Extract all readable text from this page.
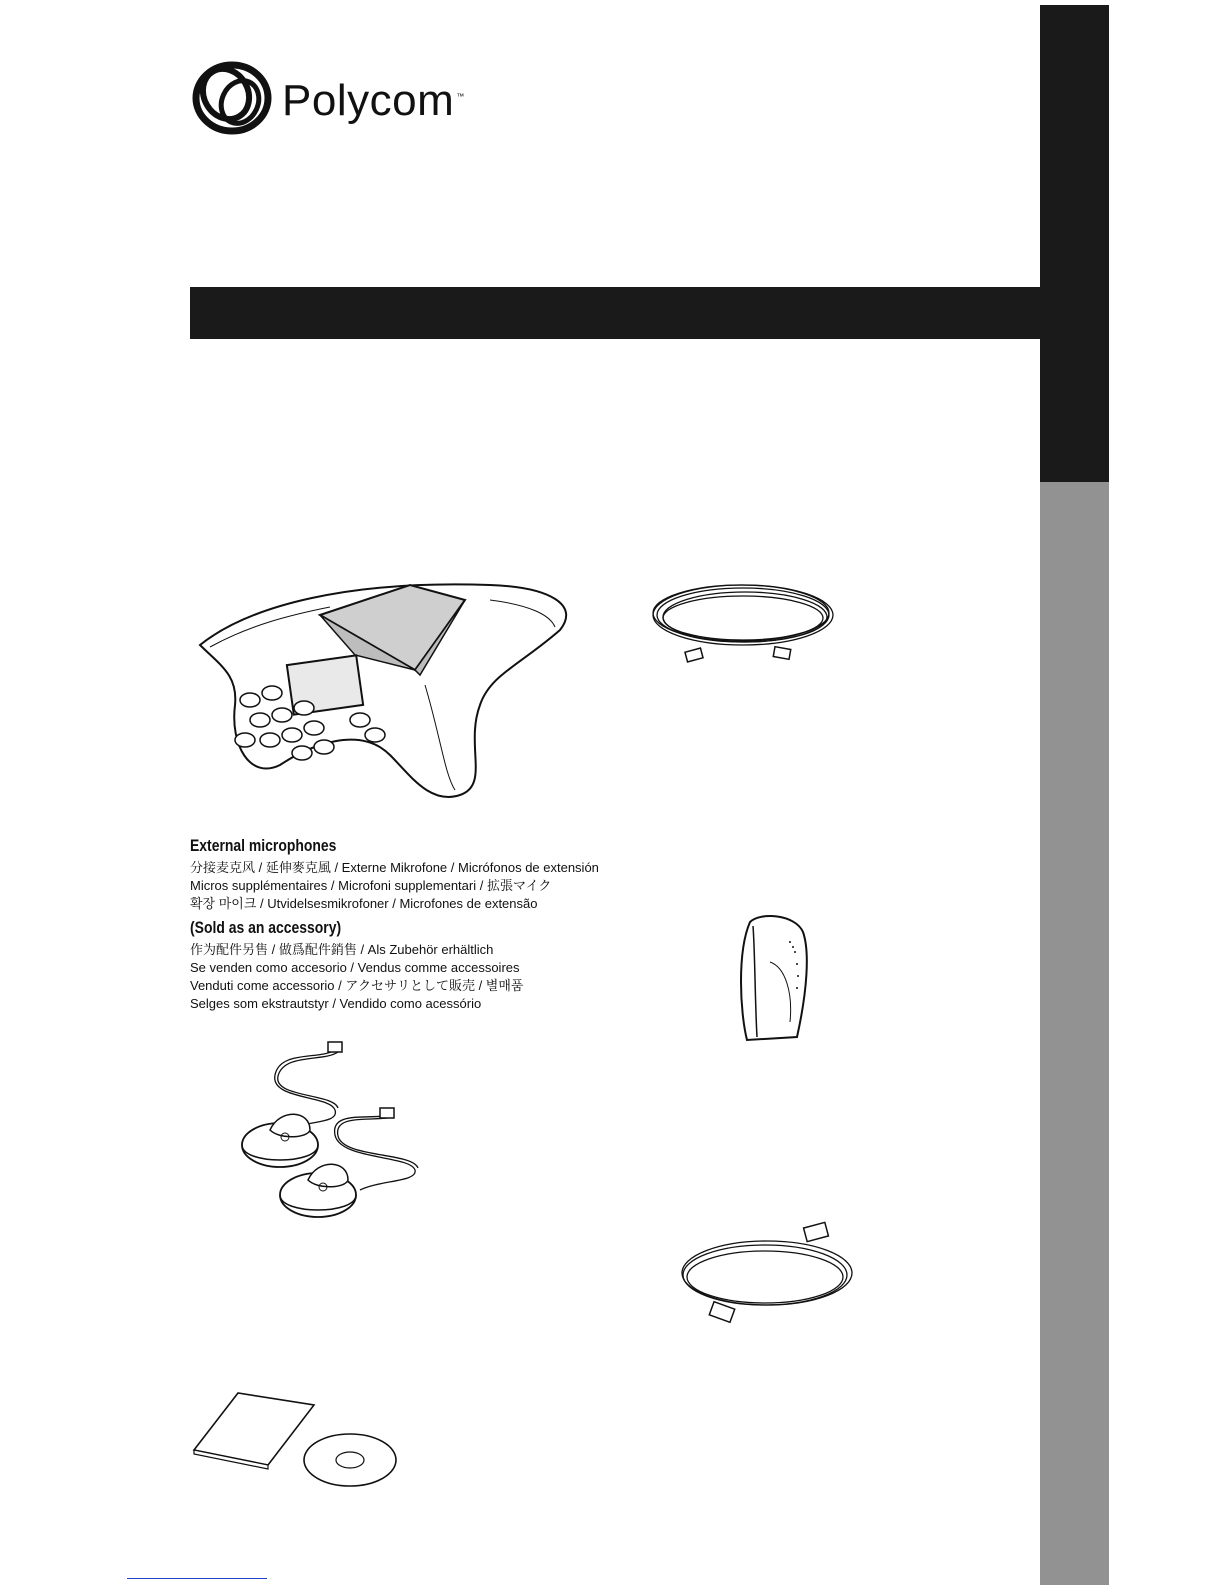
Polycom ™
External microphones
分接麦克风 / 延伸麥克風 / Externe Mikrofone / Micrófonos de extensión
Micros supplémentaires / Microfoni supplementari / 拡張マイク
확장 마이크 / Utvidelsesmikrofoner / Microfones de extensão
(Sold as an accessory)
作为配件另售 / 做爲配件銷售 / Als Zubehör erhältlich
Se venden como accesorio / Vendus comme accessoires
Venduti come accessorio / アクセサリとして販売 / 별매품
Selges som ekstrautstyr / Vendido como acessório
